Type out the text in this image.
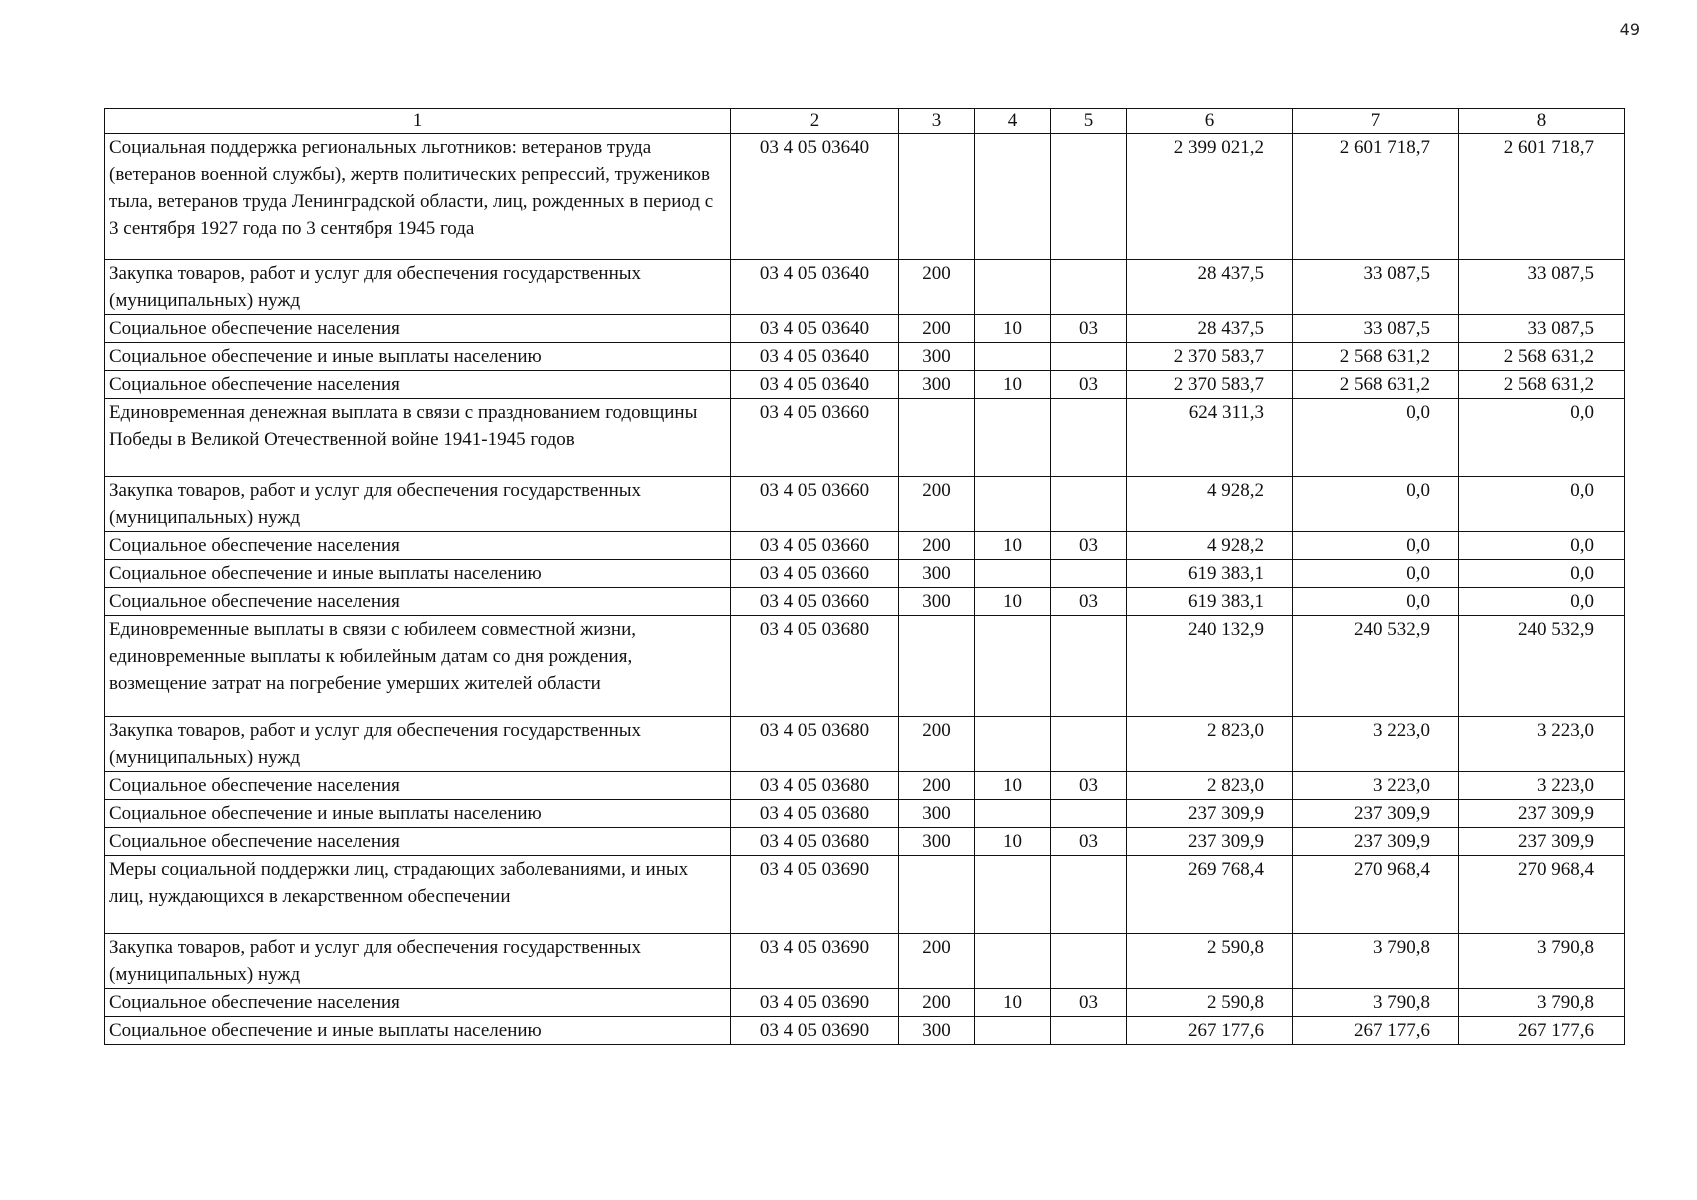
49
1	2	3	4	5	6	7	8
Социальная поддержка региональных льготников: ветеранов труда (ветеранов военной службы), жертв политических репрессий, тружеников тыла, ветеранов труда Ленинградской области, лиц, рожденных в период с 3 сентября 1927 года по 3 сентября 1945 года	03 4 05 03640				2 399 021,2	2 601 718,7	2 601 718,7
Закупка товаров, работ и услуг для обеспечения государственных (муниципальных) нужд	03 4 05 03640	200			28 437,5	33 087,5	33 087,5
Социальное обеспечение населения	03 4 05 03640	200	10	03	28 437,5	33 087,5	33 087,5
Социальное обеспечение и иные выплаты населению	03 4 05 03640	300			2 370 583,7	2 568 631,2	2 568 631,2
Социальное обеспечение населения	03 4 05 03640	300	10	03	2 370 583,7	2 568 631,2	2 568 631,2
Единовременная денежная выплата в связи с празднованием годовщины Победы в Великой Отечественной войне 1941-1945 годов	03 4 05 03660				624 311,3	0,0	0,0
Закупка товаров, работ и услуг для обеспечения государственных (муниципальных) нужд	03 4 05 03660	200			4 928,2	0,0	0,0
Социальное обеспечение населения	03 4 05 03660	200	10	03	4 928,2	0,0	0,0
Социальное обеспечение и иные выплаты населению	03 4 05 03660	300			619 383,1	0,0	0,0
Социальное обеспечение населения	03 4 05 03660	300	10	03	619 383,1	0,0	0,0
Единовременные выплаты в связи с юбилеем совместной жизни, единовременные выплаты к юбилейным датам со дня рождения, возмещение затрат на погребение умерших жителей области	03 4 05 03680				240 132,9	240 532,9	240 532,9
Закупка товаров, работ и услуг для обеспечения государственных (муниципальных) нужд	03 4 05 03680	200			2 823,0	3 223,0	3 223,0
Социальное обеспечение населения	03 4 05 03680	200	10	03	2 823,0	3 223,0	3 223,0
Социальное обеспечение и иные выплаты населению	03 4 05 03680	300			237 309,9	237 309,9	237 309,9
Социальное обеспечение населения	03 4 05 03680	300	10	03	237 309,9	237 309,9	237 309,9
Меры социальной поддержки лиц, страдающих заболеваниями, и иных лиц, нуждающихся в лекарственном обеспечении	03 4 05 03690				269 768,4	270 968,4	270 968,4
Закупка товаров, работ и услуг для обеспечения государственных (муниципальных) нужд	03 4 05 03690	200			2 590,8	3 790,8	3 790,8
Социальное обеспечение населения	03 4 05 03690	200	10	03	2 590,8	3 790,8	3 790,8
Социальное обеспечение и иные выплаты населению	03 4 05 03690	300			267 177,6	267 177,6	267 177,6
